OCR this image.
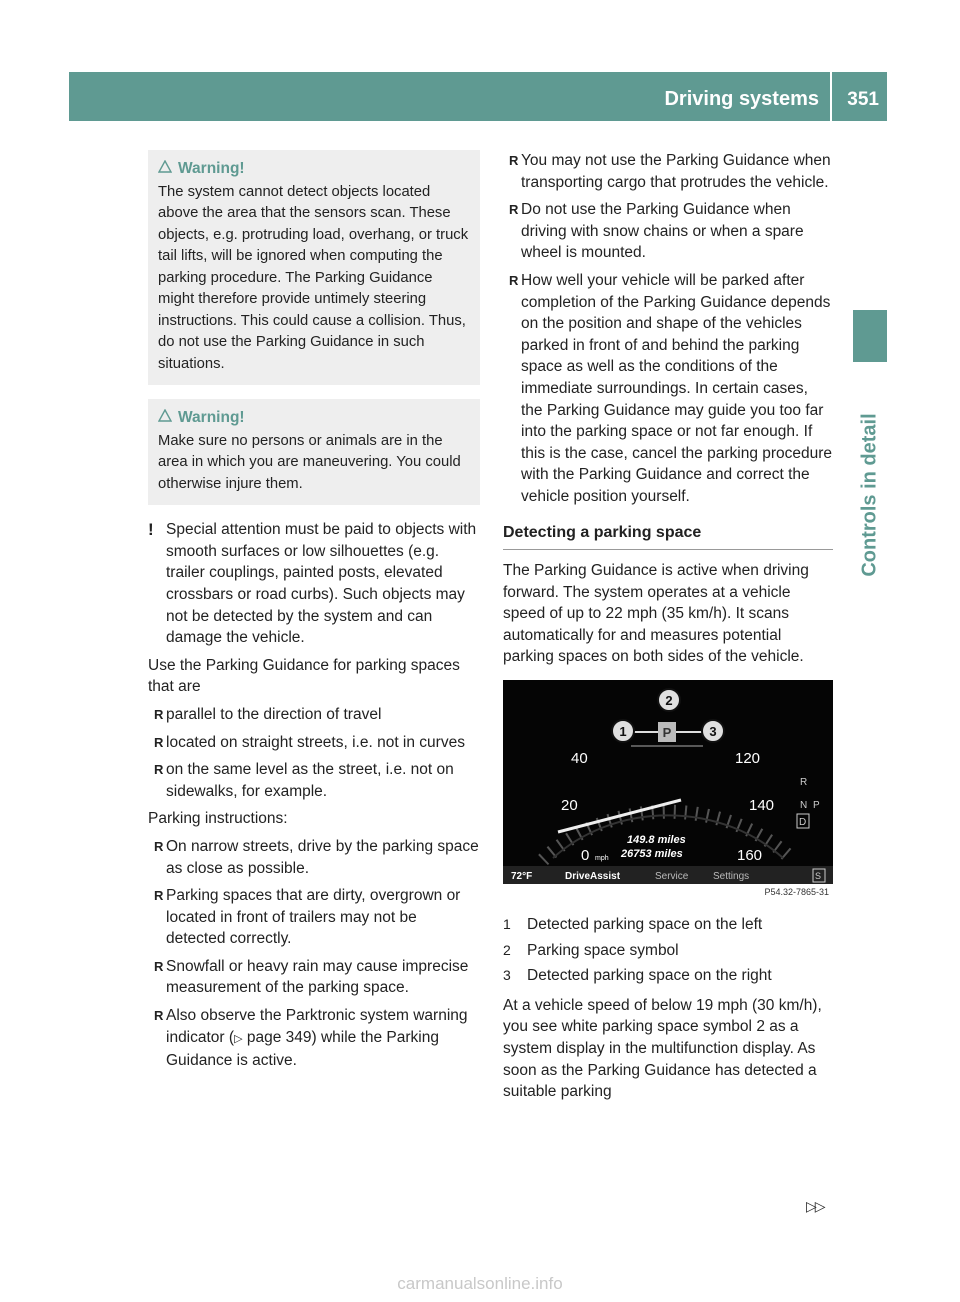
Driving systems 351
Controls in detail
Warning!

The system cannot detect objects located above the area that the sensors scan. These objects, e.g. protruding load, overhang, or truck tail lifts, will be ignored when computing the parking procedure. The Parking Guidance might therefore provide untimely steering instructions. This could cause a collision. Thus, do not use the Parking Guidance in such situations.

Warning!

Make sure no persons or animals are in the area in which you are maneuvering. You could otherwise injure them.

! Special attention must be paid to objects with smooth surfaces or low silhouettes (e.g. trailer couplings, painted posts, elevated crossbars or road curbs). Such objects may not be detected by the system and can damage the vehicle.

Use the Parking Guidance for parking spaces that are

R parallel to the direction of travel

R located on straight streets, i.e. not in curves

R on the same level as the street, i.e. not on sidewalks, for example.

Parking instructions:

R On narrow streets, drive by the parking space as close as possible.

R Parking spaces that are dirty, overgrown or located in front of trailers may not be detected correctly.

R Snowfall or heavy rain may cause imprecise measurement of the parking space.

R Also observe the Parktronic system warning indicator (▷ page 349) while the Parking Guidance is active.

R You may not use the Parking Guidance when transporting cargo that protrudes the vehicle.

R Do not use the Parking Guidance when driving with snow chains or when a spare wheel is mounted.

R How well your vehicle will be parked after completion of the Parking Guidance depends on the position and shape of the vehicles parked in front of and behind the parking space as well as the conditions of the immediate surroundings. In certain cases, the Parking Guidance may guide you too far into the parking space or not far enough. If this is the case, cancel the parking procedure with the Parking Guidance and correct the vehicle position yourself.

Detecting a parking space

The Parking Guidance is active when driving forward. The system operates at a vehicle speed of up to 22 mph (35 km/h). It scans automatically for and measures potential parking spaces on both sides of the vehicle.

P
1
2
3
0 mph
20
40	120
140
160
149.8 miles
26753 miles
R
N
D
P
72°F	DriveAssist	Service Settings	S
P54.32-7865-31

1 Detected parking space on the left

2 Parking space symbol

3 Detected parking space on the right

At a vehicle speed of below 19 mph (30 km/h), you see white parking space symbol 2 as a system display in the multifunction display. As soon as the Parking Guidance has detected a suitable parking

▷▷
carmanualsonline.info
